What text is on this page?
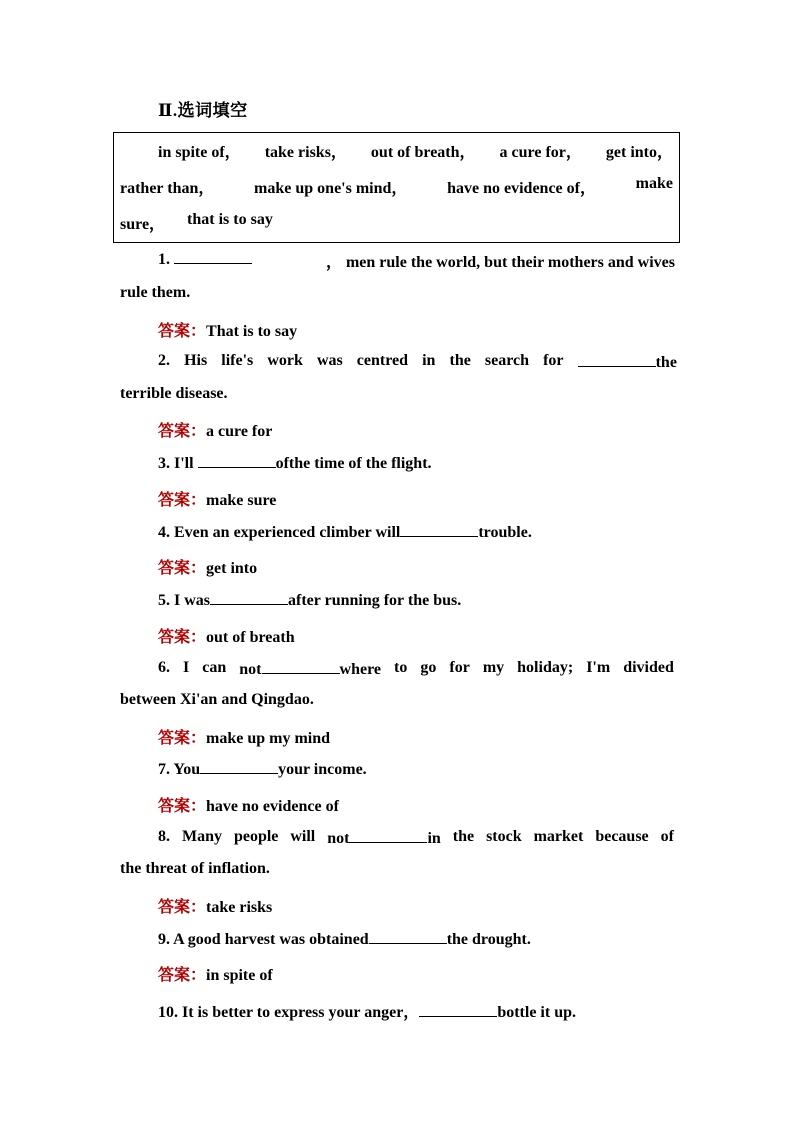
Ⅱ.选词填空
in spite of， take risks， out of breath， a cure for， get into，
rather than， make up one's mind， have no evidence of， make
sure， that is to say
1.	， men rule the world, but their mothers and wives
rule them.
答案：That is to say
2. His life's work was centred in the search for	the
terrible disease.
答案：a cure for
3. I'll	ofthe time of the flight.
答案：make sure
4. Even an experienced climber will	trouble.
答案：get into
5. I was	after running for the bus.
答案：out of breath
6. I can not	where to go for my holiday; I'm divided
between Xi'an and Qingdao.
答案：make up my mind
7. You	your income.
答案：have no evidence of
8. Many people will not	in the stock market because of
the threat of inflation.
答案：take risks
9. A good harvest was obtained	the drought.
答案：in spite of
10. It is better to express your anger，	bottle it up.
